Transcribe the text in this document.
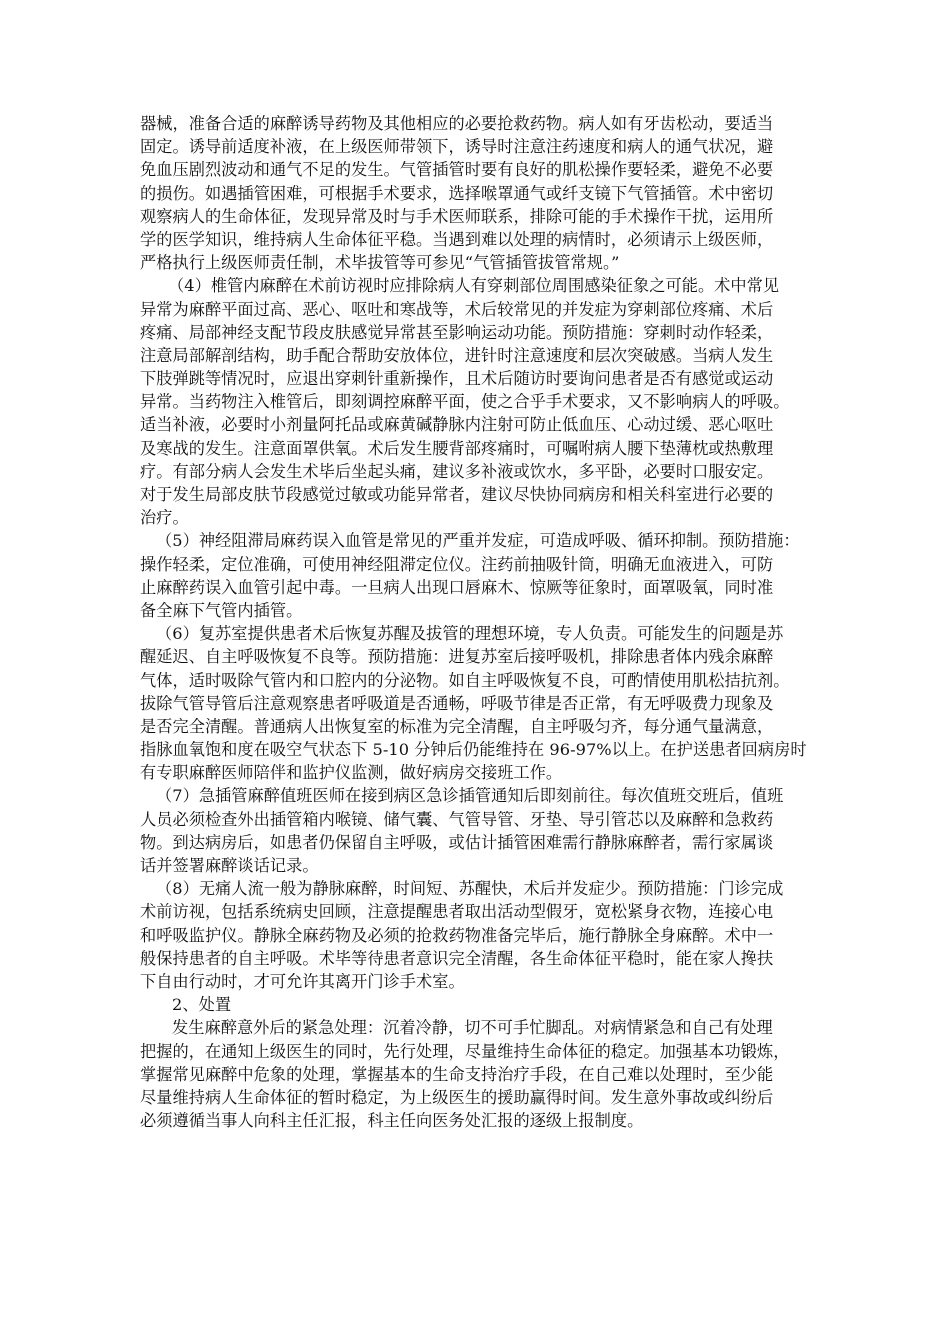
器械，准备合适的麻醉诱导药物及其他相应的必要抢救药物。病人如有牙齿松动，要适当
固定。诱导前适度补液，在上级医师带领下，诱导时注意注药速度和病人的通气状况，避
免血压剧烈波动和通气不足的发生。气管插管时要有良好的肌松操作要轻柔，避免不必要
的损伤。如遇插管困难，可根据手术要求，选择喉罩通气或纤支镜下气管插管。术中密切
观察病人的生命体征，发现异常及时与手术医师联系，排除可能的手术操作干扰，运用所
学的医学知识，维持病人生命体征平稳。当遇到难以处理的病情时，必须请示上级医师，
严格执行上级医师责任制，术毕拔管等可参见“气管插管拔管常规。”
（4）椎管内麻醉在术前访视时应排除病人有穿刺部位周围感染征象之可能。术中常见
异常为麻醉平面过高、恶心、呕吐和寒战等，术后较常见的并发症为穿刺部位疼痛、术后
疼痛、局部神经支配节段皮肤感觉异常甚至影响运动功能。预防措施：穿刺时动作轻柔，
注意局部解剖结构，助手配合帮助安放体位，进针时注意速度和层次突破感。当病人发生
下肢弹跳等情况时，应退出穿刺针重新操作，且术后随访时要询问患者是否有感觉或运动
异常。当药物注入椎管后，即刻调控麻醉平面，使之合乎手术要求，又不影响病人的呼吸。
适当补液，必要时小剂量阿托品或麻黄碱静脉内注射可防止低血压、心动过缓、恶心呕吐
及寒战的发生。注意面罩供氧。术后发生腰背部疼痛时，可嘱咐病人腰下垫薄枕或热敷理
疗。有部分病人会发生术毕后坐起头痛，建议多补液或饮水，多平卧，必要时口服安定。
对于发生局部皮肤节段感觉过敏或功能异常者，建议尽快协同病房和相关科室进行必要的
治疗。
（5）神经阻滞局麻药误入血管是常见的严重并发症，可造成呼吸、循环抑制。预防措施：
操作轻柔，定位准确，可使用神经阻滞定位仪。注药前抽吸针筒，明确无血液进入，可防
止麻醉药误入血管引起中毒。一旦病人出现口唇麻木、惊厥等征象时，面罩吸氧，同时准
备全麻下气管内插管。
（6）复苏室提供患者术后恢复苏醒及拔管的理想环境，专人负责。可能发生的问题是苏
醒延迟、自主呼吸恢复不良等。预防措施：进复苏室后接呼吸机，排除患者体内残余麻醉
气体，适时吸除气管内和口腔内的分泌物。如自主呼吸恢复不良，可酌情使用肌松拮抗剂。
拔除气管导管后注意观察患者呼吸道是否通畅，呼吸节律是否正常，有无呼吸费力现象及
是否完全清醒。普通病人出恢复室的标准为完全清醒，自主呼吸匀齐，每分通气量满意，
指脉血氧饱和度在吸空气状态下 5-10 分钟后仍能维持在 96-97%以上。在护送患者回病房时
有专职麻醉医师陪伴和监护仪监测，做好病房交接班工作。
（7）急插管麻醉值班医师在接到病区急诊插管通知后即刻前往。每次值班交班后，值班
人员必须检查外出插管箱内喉镜、储气囊、气管导管、牙垫、导引管芯以及麻醉和急救药
物。到达病房后，如患者仍保留自主呼吸，或估计插管困难需行静脉麻醉者，需行家属谈
话并签署麻醉谈话记录。
（8）无痛人流一般为静脉麻醉，时间短、苏醒快，术后并发症少。预防措施：门诊完成
术前访视，包括系统病史回顾，注意提醒患者取出活动型假牙，宽松紧身衣物，连接心电
和呼吸监护仪。静脉全麻药物及必须的抢救药物准备完毕后，施行静脉全身麻醉。术中一
般保持患者的自主呼吸。术毕等待患者意识完全清醒，各生命体征平稳时，能在家人搀扶
下自由行动时，才可允许其离开门诊手术室。
2、处置
发生麻醉意外后的紧急处理：沉着冷静，切不可手忙脚乱。对病情紧急和自己有处理
把握的，在通知上级医生的同时，先行处理，尽量维持生命体征的稳定。加强基本功锻炼，
掌握常见麻醉中危象的处理，掌握基本的生命支持治疗手段，在自己难以处理时，至少能
尽量维持病人生命体征的暂时稳定，为上级医生的援助赢得时间。发生意外事故或纠纷后
必须遵循当事人向科主任汇报，科主任向医务处汇报的逐级上报制度。
